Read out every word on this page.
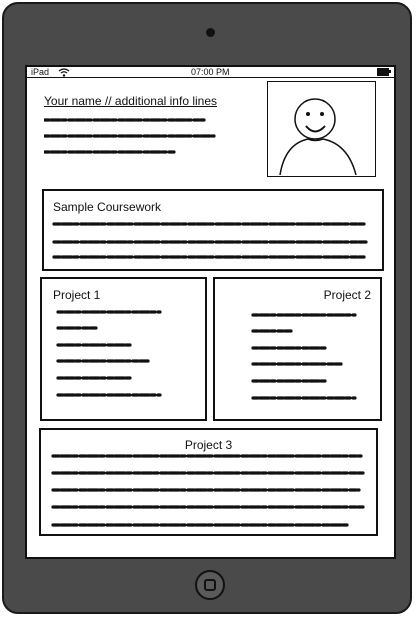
iPad	07:00 PM
Your name // additional info lines
Sample Coursework
Project 1	Project 2
Project 3
